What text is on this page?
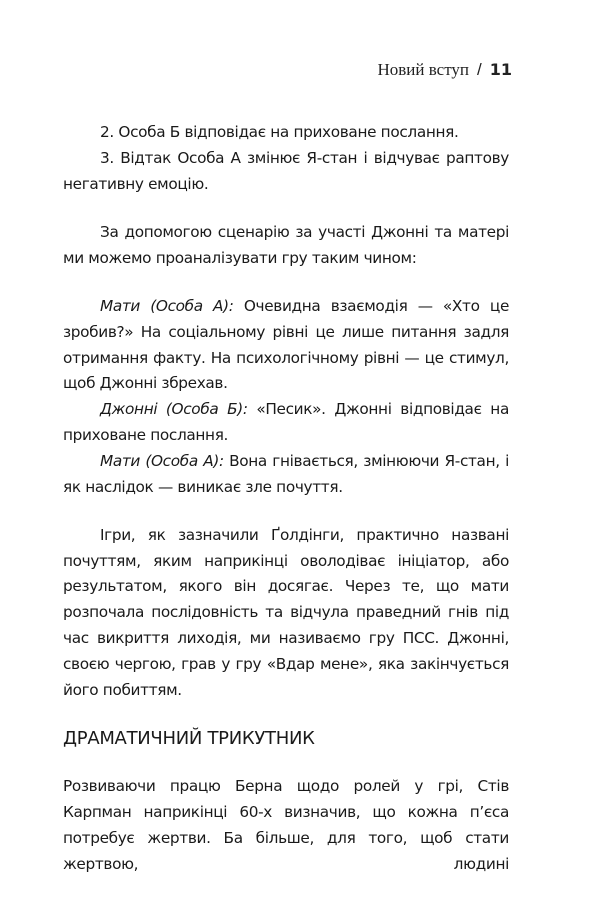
Новий вступ / 11

2. Особа Б відповідає на приховане послання.

3. Відтак Особа А змінює Я-стан і відчуває раптову негативну емоцію.

За допомогою сценарію за участі Джонні та матері ми можемо проаналізувати гру таким чином:

Мати (Особа А): Очевидна взаємодія — «Хто це зробив?» На соціальному рівні це лише питання задля отримання факту. На психологічному рівні — це стимул, щоб Джонні збрехав.

Джонні (Особа Б): «Песик». Джонні відповідає на приховане послання.

Мати (Особа А): Вона гнівається, змінюючи Я-стан, і як наслідок — виникає зле почуття.

Ігри, як зазначили Ґолдінги, практично названі почуттям, яким наприкінці оволодіває ініціатор, або результатом, якого він досягає. Через те, що мати розпочала послідовність та відчула праведний гнів під час викриття лиходія, ми називаємо гру ПСС. Джонні, своєю чергою, грав у гру «Вдар мене», яка закінчується його побиттям.

ДРАМАТИЧНИЙ ТРИКУТНИК

Розвиваючи працю Берна щодо ролей у грі, Стів Карпман наприкінці 60-х визначив, що кожна п’єса потребує жертви. Ба більше, для того, щоб стати жертвою, людині
